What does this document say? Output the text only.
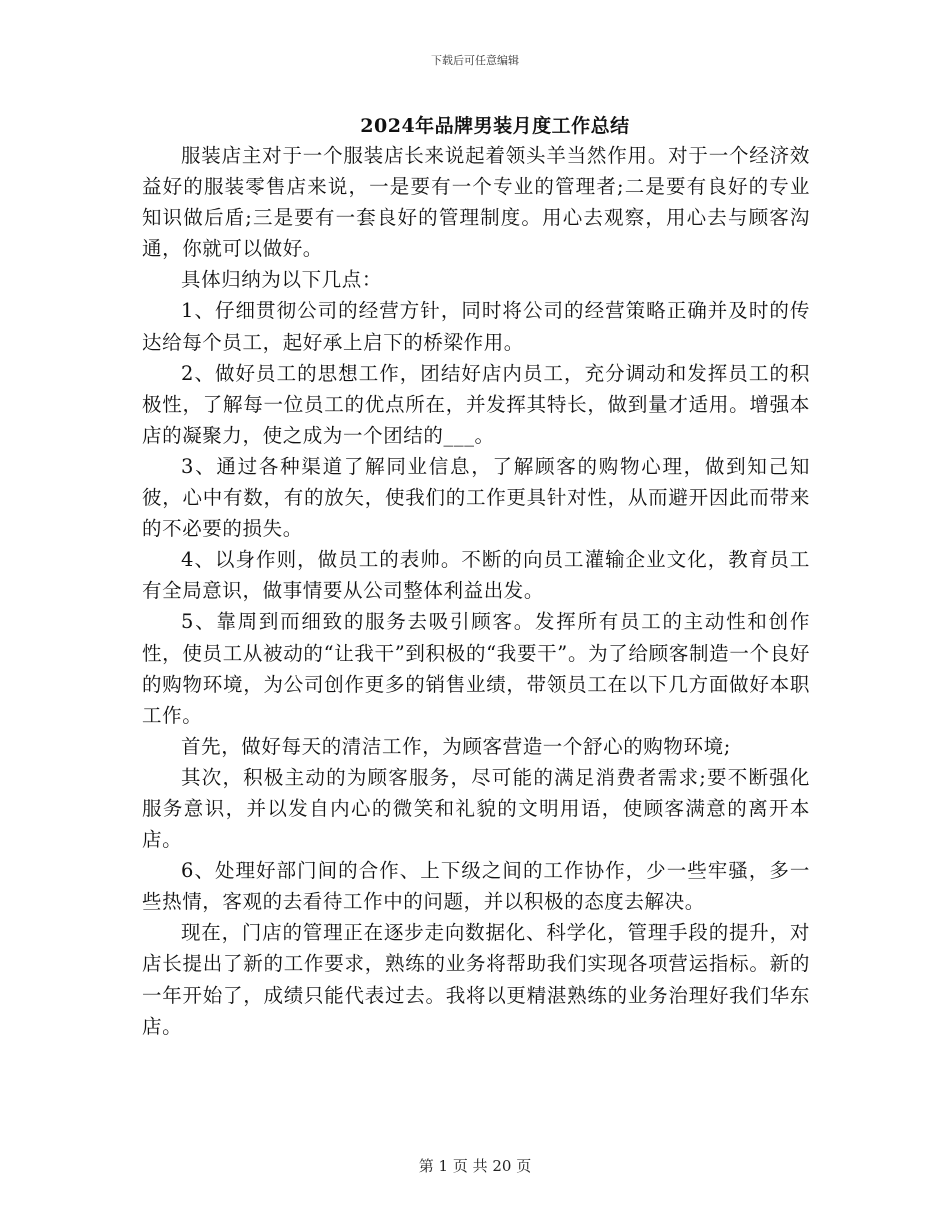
下载后可任意编辑
2024年品牌男装月度工作总结

服装店主对于一个服装店长来说起着领头羊当然作用。对于一个经济效益好的服装零售店来说，一是要有一个专业的管理者;二是要有良好的专业知识做后盾;三是要有一套良好的管理制度。用心去观察，用心去与顾客沟通，你就可以做好。

具体归纳为以下几点：

1、仔细贯彻公司的经营方针，同时将公司的经营策略正确并及时的传达给每个员工，起好承上启下的桥梁作用。

2、做好员工的思想工作，团结好店内员工，充分调动和发挥员工的积极性，了解每一位员工的优点所在，并发挥其特长，做到量才适用。增强本店的凝聚力，使之成为一个团结的___。

3、通过各种渠道了解同业信息，了解顾客的购物心理，做到知己知彼，心中有数，有的放矢，使我们的工作更具针对性，从而避开因此而带来的不必要的损失。

4、以身作则，做员工的表帅。不断的向员工灌输企业文化，教育员工有全局意识，做事情要从公司整体利益出发。

5、靠周到而细致的服务去吸引顾客。发挥所有员工的主动性和创作性，使员工从被动的“让我干”到积极的“我要干”。为了给顾客制造一个良好的购物环境，为公司创作更多的销售业绩，带领员工在以下几方面做好本职工作。

首先，做好每天的清洁工作，为顾客营造一个舒心的购物环境;

其次，积极主动的为顾客服务，尽可能的满足消费者需求;要不断强化服务意识，并以发自内心的微笑和礼貌的文明用语，使顾客满意的离开本店。

6、处理好部门间的合作、上下级之间的工作协作，少一些牢骚，多一些热情，客观的去看待工作中的问题，并以积极的态度去解决。

现在，门店的管理正在逐步走向数据化、科学化，管理手段的提升，对店长提出了新的工作要求，熟练的业务将帮助我们实现各项营运指标。新的一年开始了，成绩只能代表过去。我将以更精湛熟练的业务治理好我们华东店。

第 1 页 共 20 页
